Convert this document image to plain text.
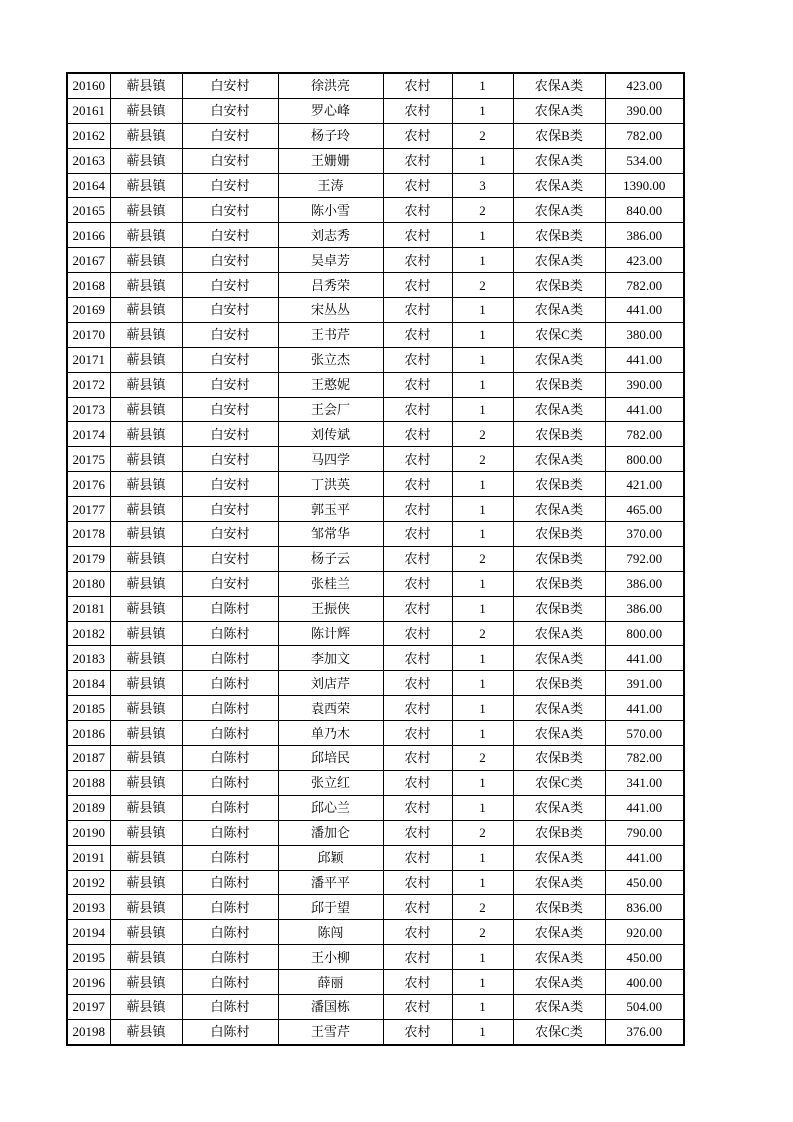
20160	蕲县镇	白安村	徐洪亮	农村	1	农保A类	423.00
20161	蕲县镇	白安村	罗心峰	农村	1	农保A类	390.00
20162	蕲县镇	白安村	杨子玲	农村	2	农保B类	782.00
20163	蕲县镇	白安村	王姗姗	农村	1	农保A类	534.00
20164	蕲县镇	白安村	王涛	农村	3	农保A类	1390.00
20165	蕲县镇	白安村	陈小雪	农村	2	农保A类	840.00
20166	蕲县镇	白安村	刘志秀	农村	1	农保B类	386.00
20167	蕲县镇	白安村	吴卓芳	农村	1	农保A类	423.00
20168	蕲县镇	白安村	吕秀荣	农村	2	农保B类	782.00
20169	蕲县镇	白安村	宋丛丛	农村	1	农保A类	441.00
20170	蕲县镇	白安村	王书芹	农村	1	农保C类	380.00
20171	蕲县镇	白安村	张立杰	农村	1	农保A类	441.00
20172	蕲县镇	白安村	王憨妮	农村	1	农保B类	390.00
20173	蕲县镇	白安村	王会厂	农村	1	农保A类	441.00
20174	蕲县镇	白安村	刘传斌	农村	2	农保B类	782.00
20175	蕲县镇	白安村	马四学	农村	2	农保A类	800.00
20176	蕲县镇	白安村	丁洪英	农村	1	农保B类	421.00
20177	蕲县镇	白安村	郭玉平	农村	1	农保A类	465.00
20178	蕲县镇	白安村	邹常华	农村	1	农保B类	370.00
20179	蕲县镇	白安村	杨子云	农村	2	农保B类	792.00
20180	蕲县镇	白安村	张桂兰	农村	1	农保B类	386.00
20181	蕲县镇	白陈村	王振侠	农村	1	农保B类	386.00
20182	蕲县镇	白陈村	陈计辉	农村	2	农保A类	800.00
20183	蕲县镇	白陈村	李加文	农村	1	农保A类	441.00
20184	蕲县镇	白陈村	刘店芹	农村	1	农保B类	391.00
20185	蕲县镇	白陈村	袁西荣	农村	1	农保A类	441.00
20186	蕲县镇	白陈村	单乃木	农村	1	农保A类	570.00
20187	蕲县镇	白陈村	邱培民	农村	2	农保B类	782.00
20188	蕲县镇	白陈村	张立红	农村	1	农保C类	341.00
20189	蕲县镇	白陈村	邱心兰	农村	1	农保A类	441.00
20190	蕲县镇	白陈村	潘加仑	农村	2	农保B类	790.00
20191	蕲县镇	白陈村	邱颖	农村	1	农保A类	441.00
20192	蕲县镇	白陈村	潘平平	农村	1	农保A类	450.00
20193	蕲县镇	白陈村	邱于望	农村	2	农保B类	836.00
20194	蕲县镇	白陈村	陈闯	农村	2	农保A类	920.00
20195	蕲县镇	白陈村	王小柳	农村	1	农保A类	450.00
20196	蕲县镇	白陈村	薛丽	农村	1	农保A类	400.00
20197	蕲县镇	白陈村	潘国栋	农村	1	农保A类	504.00
20198	蕲县镇	白陈村	王雪芹	农村	1	农保C类	376.00
